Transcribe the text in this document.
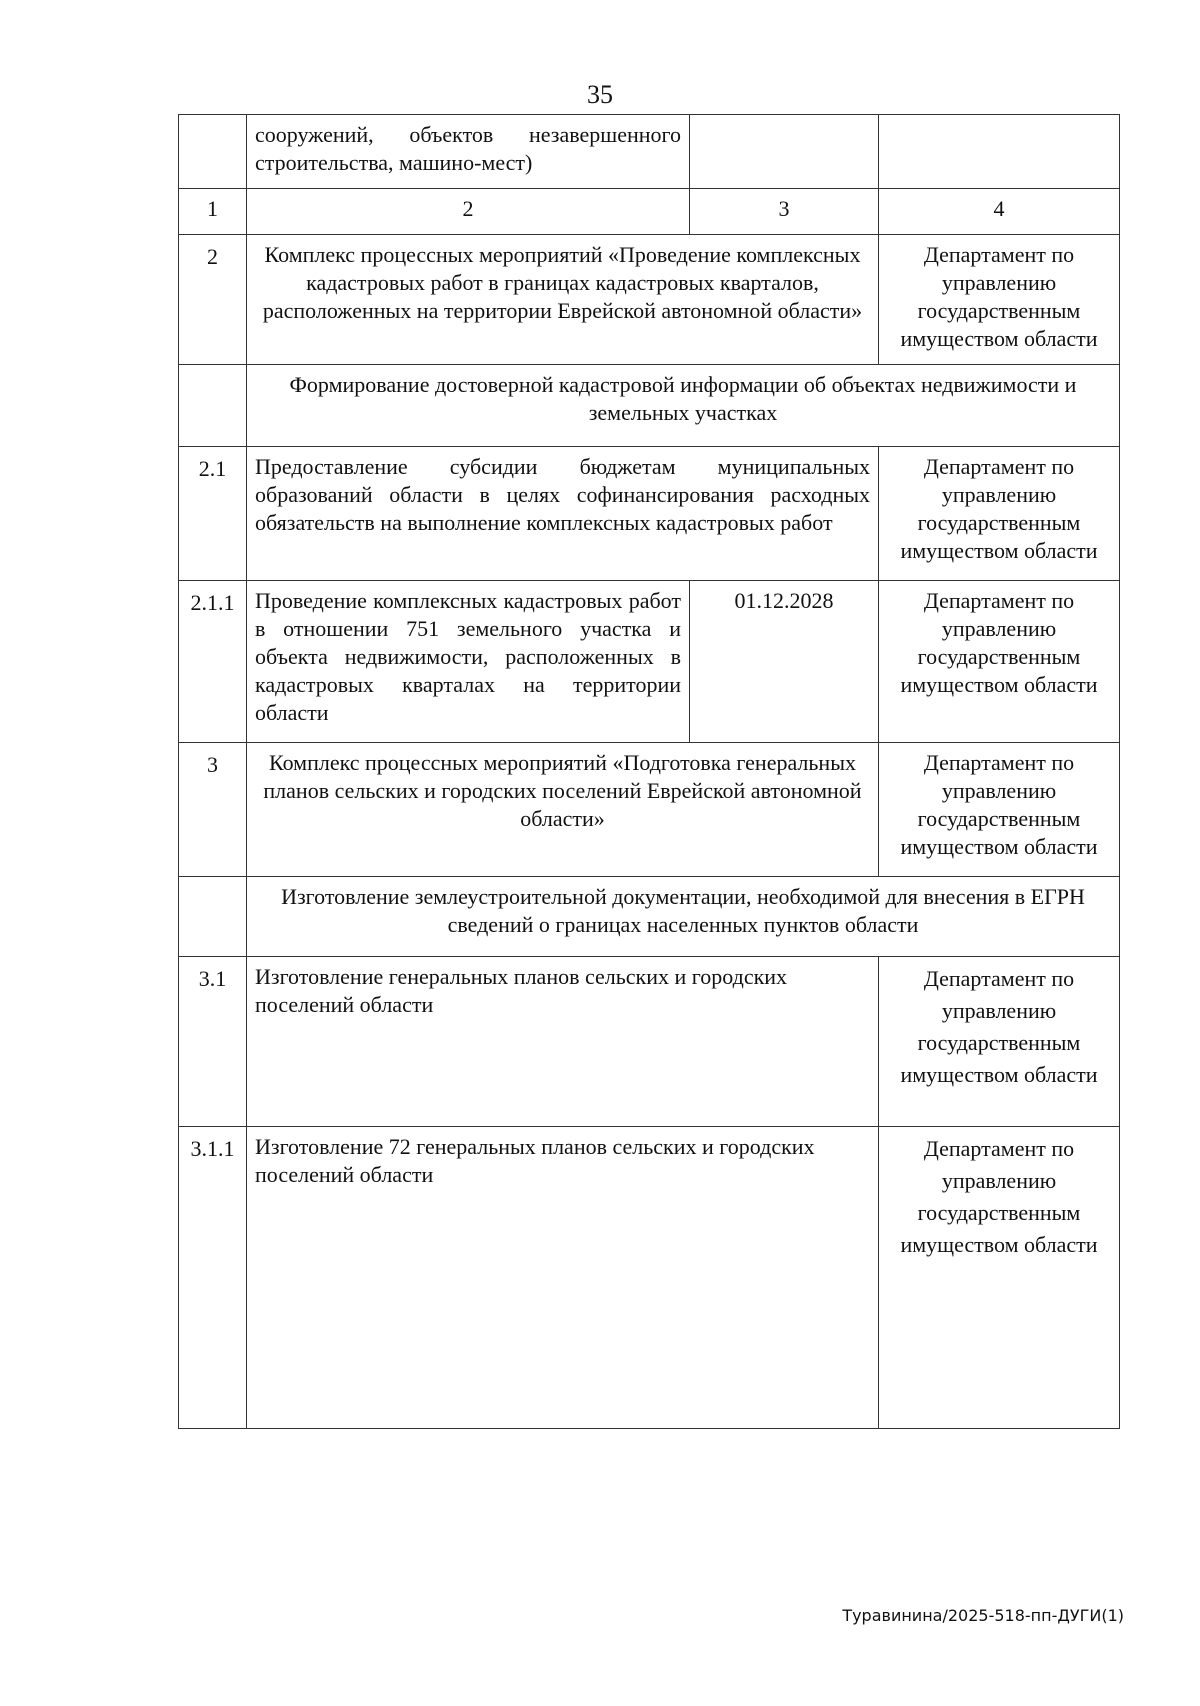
35
	сооружений, объектов незавершенного строительства, машино-мест)		
1	2	3	4
2	Комплекс процессных мероприятий «Проведение комплексных кадастровых работ в границах кадастровых кварталов, расположенных на территории Еврейской автономной области»		Департамент по управлению государственным имуществом области
	Формирование достоверной кадастровой информации об объектах недвижимости и земельных участках		
2.1	Предоставление субсидии бюджетам муниципальных образований области в целях софинансирования расходных обязательств на выполнение комплексных кадастровых работ		Департамент по управлению государственным имуществом области
2.1.1	Проведение комплексных кадастровых работ в отношении 751 земельного участка и объекта недвижимости, расположенных в кадастровых кварталах на территории области	01.12.2028	Департамент по управлению государственным имуществом области
3	Комплекс процессных мероприятий «Подготовка генеральных планов сельских и городских поселений Еврейской автономной области»		Департамент по управлению государственным имуществом области
	Изготовление землеустроительной документации, необходимой для внесения в ЕГРН сведений о границах населенных пунктов области		
3.1	Изготовление генеральных планов сельских и городских поселений области		Департамент по управлению государственным имуществом области
3.1.1	Изготовление 72 генеральных планов сельских и городских поселений области		Департамент по управлению государственным имуществом области
Туравинина/2025-518-пп-ДУГИ(1)
